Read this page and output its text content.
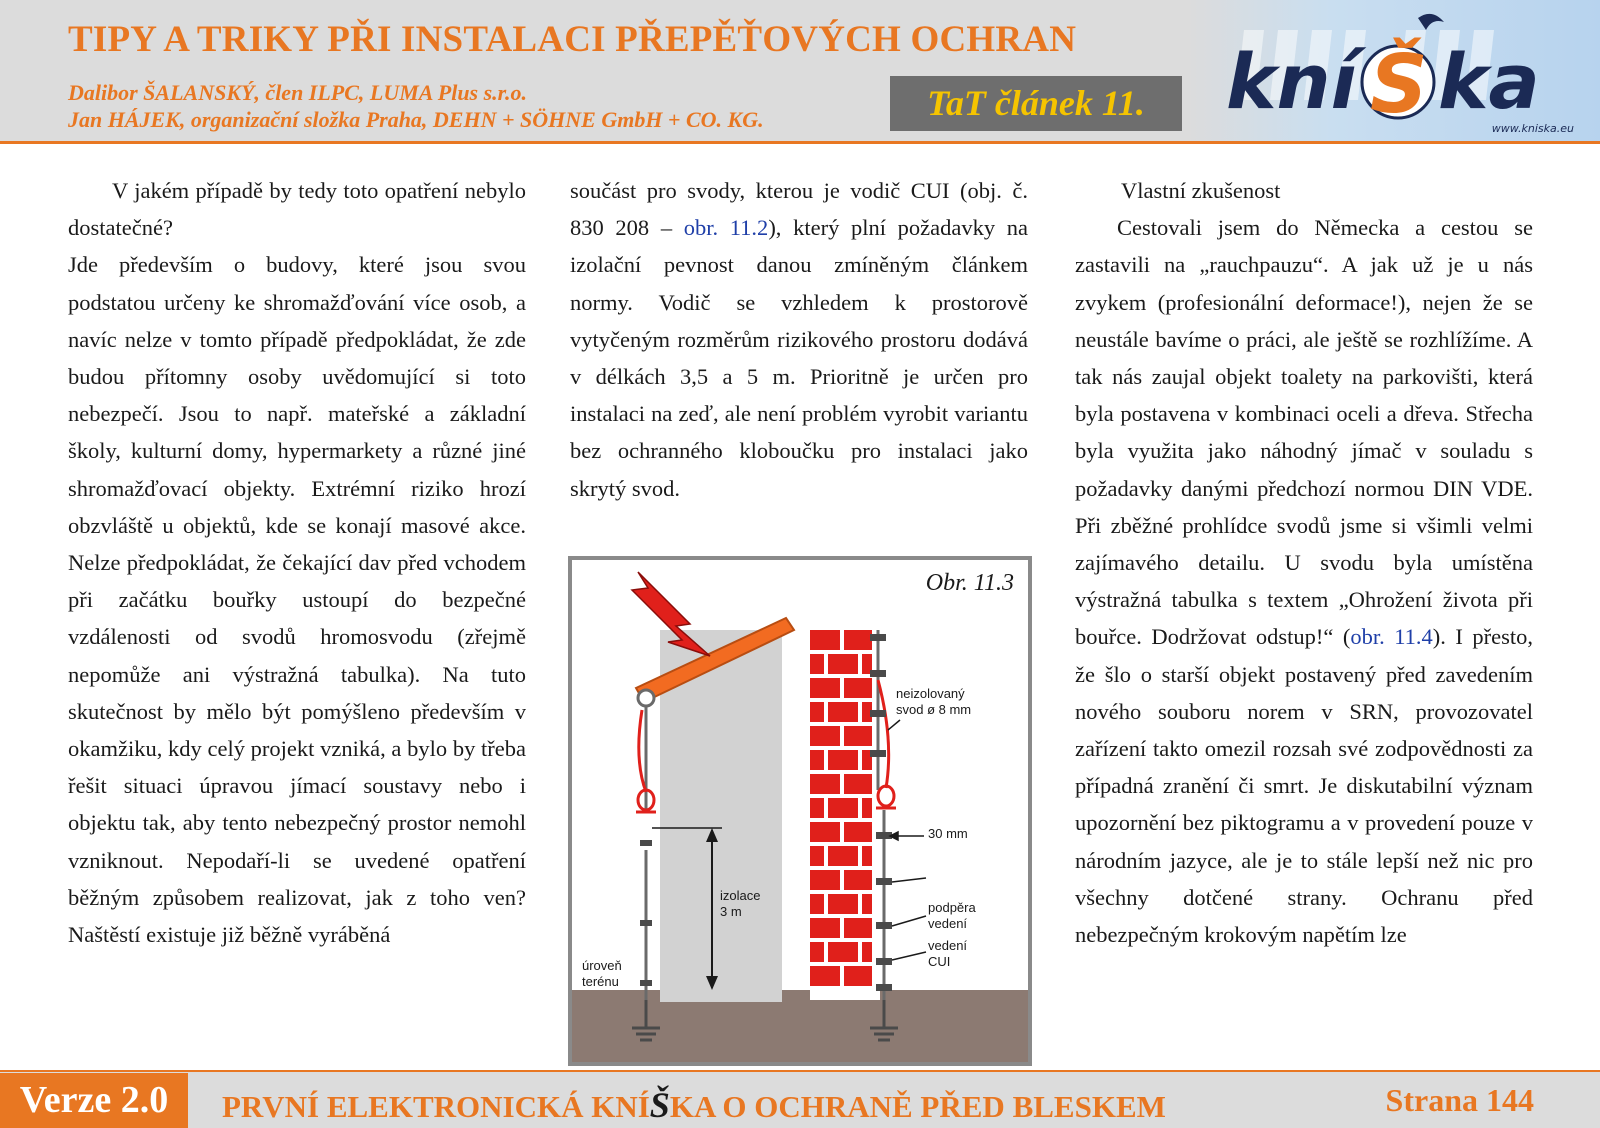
TIPY A TRIKY PŘI INSTALACI PŘEPĚŤOVÝCH OCHRAN
Dalibor ŠALANSKÝ, člen ILPC, LUMA Plus s.r.o.
Jan HÁJEK, organizační složka Praha, DEHN + SÖHNE GmbH + CO. KG.	TaT článek 11.	kní Š ka
www.kniska.eu

V jakém případě by tedy toto opatření nebylo dostatečné?

Jde především o budovy, které jsou svou podstatou určeny ke shromažďování více osob, a navíc nelze v tomto případě předpokládat, že zde budou přítomny osoby uvědomující si toto nebezpečí. Jsou to např. mateřské a základní školy, kulturní domy, hypermarkety a různé jiné shromažďovací objekty. Extrémní riziko hrozí obzvláště u objektů, kde se konají masové akce. Nelze předpokládat, že čekající dav před vchodem při začátku bouřky ustoupí do bezpečné vzdálenosti od svodů hromosvodu (zřejmě nepomůže ani výstražná tabulka). Na tuto skutečnost by mělo být pomýšleno především v okamžiku, kdy celý projekt vzniká, a bylo by třeba řešit situaci úpravou jímací soustavy nebo i objektu tak, aby tento nebezpečný prostor nemohl vzniknout. Nepodaří-li se uvedené opatření běžným způsobem realizovat, jak z toho ven? Naštěstí existuje již běžně vyráběná

součást pro svody, kterou je vodič CUI (obj. č. 830 208 – obr. 11.2), který plní požadavky na izolační pevnost danou zmíněným článkem normy. Vodič se vzhledem k prostorově vytyčeným rozměrům rizikového prostoru dodává v délkách 3,5 a 5 m. Prioritně je určen pro instalaci na zeď, ale není problém vyrobit variantu bez ochranného kloboučku pro instalaci jako skrytý svod.

Obr. 11.3
neizolovaný
svod ø 8 mm
30 mm
izolace
3 m	podpěra
vedení
vedení
CUI
úroveň
terénu

Vlastní zkušenost

Cestovali jsem do Německa a cestou se zastavili na „rauchpauzu“. A jak už je u nás zvykem (profesionální deformace!), nejen že se neustále bavíme o práci, ale ještě se rozhlížíme. A tak nás zaujal objekt toalety na parkovišti, která byla postavena v kombinaci oceli a dřeva. Střecha byla využita jako náhodný jímač v souladu s požadavky danými předchozí normou DIN VDE. Při zběžné prohlídce svodů jsme si všimli velmi zajímavého detailu. U svodu byla umístěna výstražná tabulka s textem „Ohrožení života při bouřce. Dodržovat odstup!“ (obr. 11.4). I přesto, že šlo o starší objekt postavený před zavedením nového souboru norem v SRN, provozovatel zařízení takto omezil rozsah své zodpovědnosti za případná zranění či smrt. Je diskutabilní význam upozornění bez piktogramu a v provedení pouze v národním jazyce, ale je to stále lepší než nic pro všechny dotčené strany. Ochranu před nebezpečným krokovým napětím lze

Verze 2.0	PRVNÍ ELEKTRONICKÁ KNÍŠKA O OCHRANĚ PŘED BLESKEM	Strana 144
